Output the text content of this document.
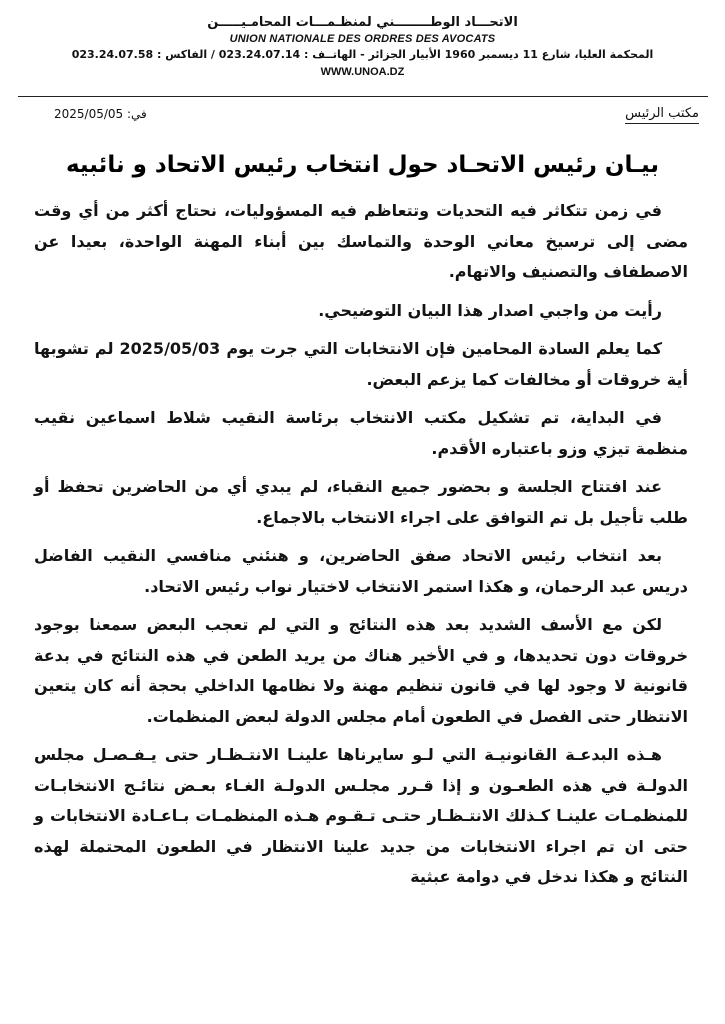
الاتحـــاد الوطــــــــني لمنظـمـــات المحامـيـــــن
UNION NATIONALE DES ORDRES DES AVOCATS
المحكمة العليا، شارع 11 ديسمبر 1960 الأبيار الجزائر - الهاتــف : 023.24.07.14 / الفاكس : 023.24.07.58
WWW.UNOA.DZ
مكتب الرئيس
في: 2025/05/05
بيـان رئيس الاتحـاد حول انتخاب رئيس الاتحاد و نائبيه

في زمن تتكاثر فيه التحديات وتتعاظم فيه المسؤوليات، نحتاج أكثر من أي وقت مضى إلى ترسيخ معاني الوحدة والتماسك بين أبناء المهنة الواحدة، بعيدا عن الاصطفاف والتصنيف والاتهام.

رأيت من واجبي اصدار هذا البيان التوضيحي.

كما يعلم السادة المحامين فإن الانتخابات التي جرت يوم 2025/05/03 لم تشوبها أية خروقات أو مخالفات كما يزعم البعض.

في البداية، تم تشكيل مكتب الانتخاب برئاسة النقيب شلاط اسماعين نقيب منظمة تيزي وزو باعتباره الأقدم.

عند افتتاح الجلسة و بحضور جميع النقباء، لم يبدي أي من الحاضرين تحفظ أو طلب تأجيل بل تم التوافق على اجراء الانتخاب بالاجماع.

بعد انتخاب رئيس الاتحاد صفق الحاضرين، و هنئني منافسي النقيب الفاضل دريس عبد الرحمان، و هكذا استمر الانتخاب لاختيار نواب رئيس الاتحاد.

لكن مع الأسف الشديد بعد هذه النتائج و التي لم تعجب البعض سمعنا بوجود خروقات دون تحديدها، و في الأخير هناك من يريد الطعن في هذه النتائج في بدعة قانونية لا وجود لها في قانون تنظيم مهنة ولا نظامها الداخلي بحجة أنه كان يتعين الانتظار حتى الفصل في الطعون أمام مجلس الدولة لبعض المنظمات.

هـذه البدعـة القانونيـة التي لـو سايرناها علينـا الانتـظـار حتى يـفـصـل مجلس الدولـة في هذه الطعـون و إذا قـرر مجلـس الدولـة الغـاء بعـض نتائـج الانتخابـات للمنظمـات علينـا كـذلك الانتـظـار حتـى تـقـوم هـذه المنظمـات بـاعـادة الانتخابات و حتى ان تم اجراء الانتخابات من جديد علينا الانتظار في الطعون المحتملة لهذه النتائج و هكذا ندخل في دوامة عبثية
